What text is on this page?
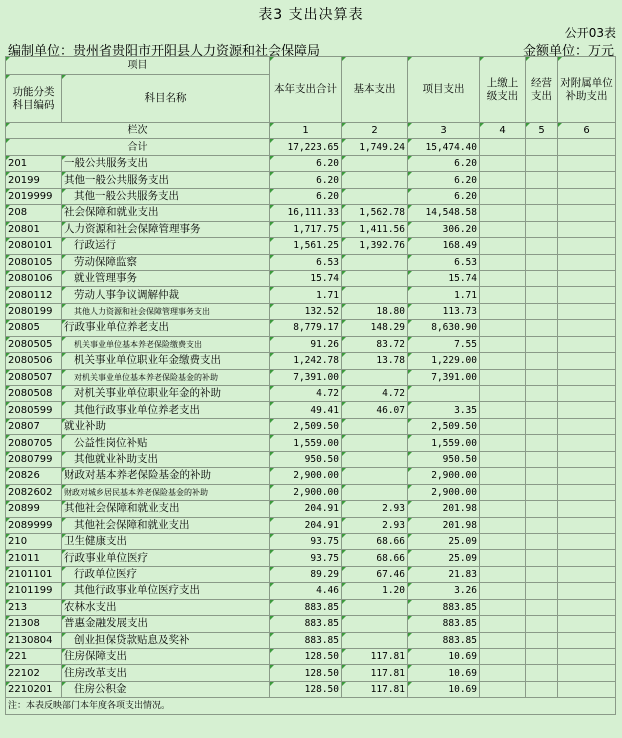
表3 支出决算表
公开03表
编制单位：贵州省贵阳市开阳县人力资源和社会保障局	金额单位：万元
项目		本年支出合计	基本支出	项目支出	上缴上级支出	经营支出	对附属单位补助支出
功能分类科目编码	科目名称						
栏次		1	2	3	4	5	6
合计		17,223.65	1,749.24	15,474.40			
201	一般公共服务支出	6.20		6.20			
20199	其他一般公共服务支出	6.20		6.20			
2019999	其他一般公共服务支出	6.20		6.20			
208	社会保障和就业支出	16,111.33	1,562.78	14,548.58			
20801	人力资源和社会保障管理事务	1,717.75	1,411.56	306.20			
2080101	行政运行	1,561.25	1,392.76	168.49			
2080105	劳动保障监察	6.53		6.53			
2080106	就业管理事务	15.74		15.74			
2080112	劳动人事争议调解仲裁	1.71		1.71			
2080199	其他人力资源和社会保障管理事务支出	132.52	18.80	113.73			
20805	行政事业单位养老支出	8,779.17	148.29	8,630.90			
2080505	机关事业单位基本养老保险缴费支出	91.26	83.72	7.55			
2080506	机关事业单位职业年金缴费支出	1,242.78	13.78	1,229.00			
2080507	对机关事业单位基本养老保险基金的补助	7,391.00		7,391.00			
2080508	对机关事业单位职业年金的补助	4.72	4.72				
2080599	其他行政事业单位养老支出	49.41	46.07	3.35			
20807	就业补助	2,509.50		2,509.50			
2080705	公益性岗位补贴	1,559.00		1,559.00			
2080799	其他就业补助支出	950.50		950.50			
20826	财政对基本养老保险基金的补助	2,900.00		2,900.00			
2082602	财政对城乡居民基本养老保险基金的补助	2,900.00		2,900.00			
20899	其他社会保障和就业支出	204.91	2.93	201.98			
2089999	其他社会保障和就业支出	204.91	2.93	201.98			
210	卫生健康支出	93.75	68.66	25.09			
21011	行政事业单位医疗	93.75	68.66	25.09			
2101101	行政单位医疗	89.29	67.46	21.83			
2101199	其他行政事业单位医疗支出	4.46	1.20	3.26			
213	农林水支出	883.85		883.85			
21308	普惠金融发展支出	883.85		883.85			
2130804	创业担保贷款贴息及奖补	883.85		883.85			
221	住房保障支出	128.50	117.81	10.69			
22102	住房改革支出	128.50	117.81	10.69			
2210201	住房公积金	128.50	117.81	10.69			
注：本表反映部门本年度各项支出情况。							
